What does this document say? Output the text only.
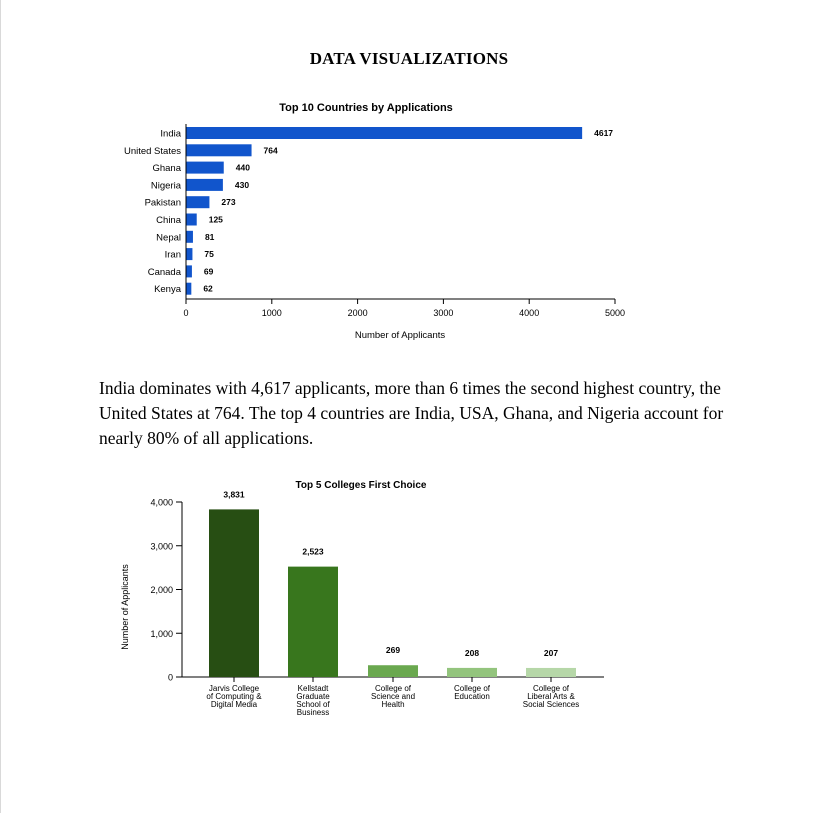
DATA VISUALIZATIONS
Top 10 Countries by Applications
India	4617
United States	764
Ghana	440
Nigeria	430
Pakistan	273
China	125
Nepal	81
Iran	75
Canada	69
Kenya	62
0	1000	2000	3000	4000	5000
Number of Applicants

India dominates with 4,617 applicants, more than 6 times the second highest country, the United States at 764. The top 4 countries are India, USA, Ghana, and Nigeria account for nearly 80% of all applications.

Top 5 Colleges First Choice
0
1,000
2,000
3,000
4,000
Number of Applicants
3,831
Jarvis College of Computing & Digital Media
2,523
Kellstadt Graduate School of Business
269
College of Science and Health
208
College of Education
207
College of Liberal Arts & Social Sciences
